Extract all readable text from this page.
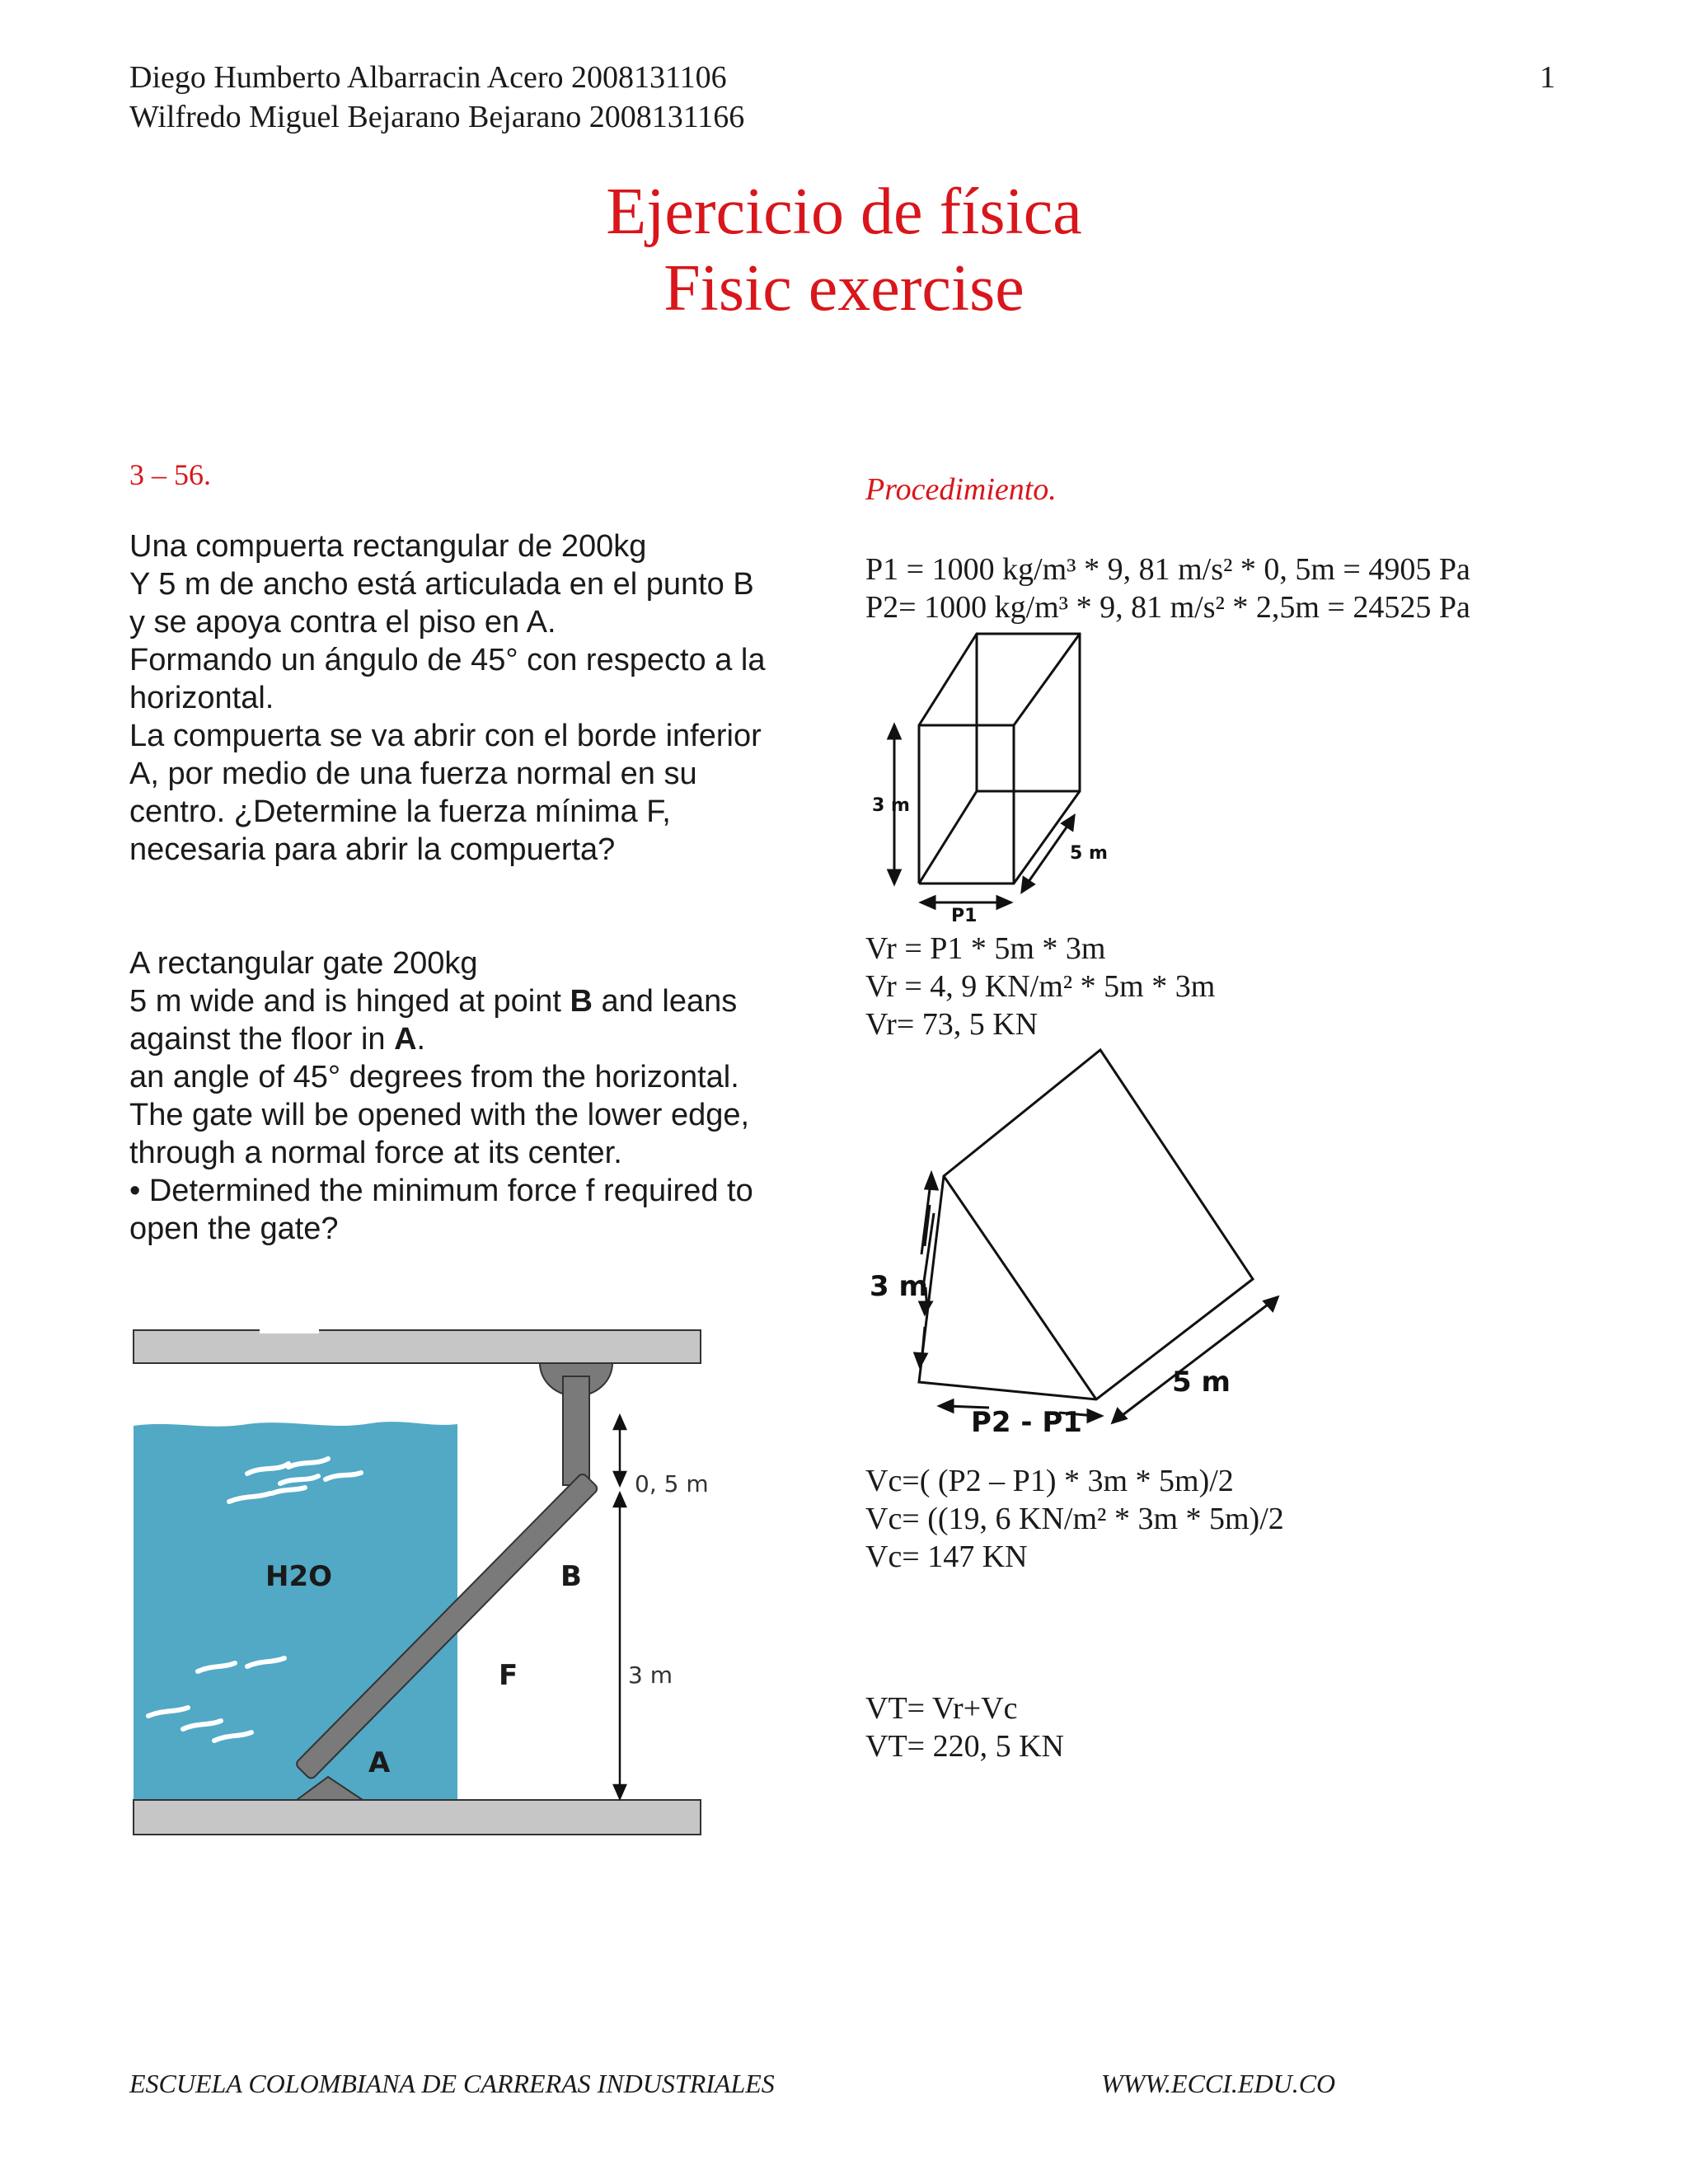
Diego Humberto Albarracin Acero 2008131106
Wilfredo Miguel Bejarano Bejarano 2008131166
1
Ejercicio de física
Fisic exercise
3 – 56.
Una compuerta rectangular de 200kg
Y 5 m de ancho está articulada en el punto B
y se apoya contra el piso en A.
Formando un ángulo de 45° con respecto a la
horizontal.
La compuerta se va abrir con el borde inferior
A, por medio de una fuerza normal en su
centro. ¿Determine la fuerza mínima F,
necesaria para abrir la compuerta?
A rectangular gate 200kg
5 m wide and is hinged at point B and leans
against the floor in A.
an angle of 45° degrees from the horizontal.
The gate will be opened with the lower edge,
through a normal force at its center.
• Determined the minimum force f required to
open the gate?
0, 5 m
3 m
H2O	B
F
A
Procedimiento.
P1 = 1000 kg/m³ * 9, 81 m/s² * 0, 5m = 4905 Pa
P2= 1000 kg/m³ * 9, 81 m/s² * 2,5m = 24525 Pa
3 m
5 m
P1
Vr = P1 * 5m * 3m
Vr = 4, 9 KN/m² * 5m * 3m
Vr= 73, 5 KN
3 m
5 m
P2 - P1
Vc=( (P2 – P1) * 3m * 5m)/2
Vc= ((19, 6 KN/m² * 3m * 5m)/2
Vc= 147 KN
VT= Vr+Vc
VT= 220, 5 KN
ESCUELA COLOMBIANA DE CARRERAS INDUSTRIALES	WWW.ECCI.EDU.CO
